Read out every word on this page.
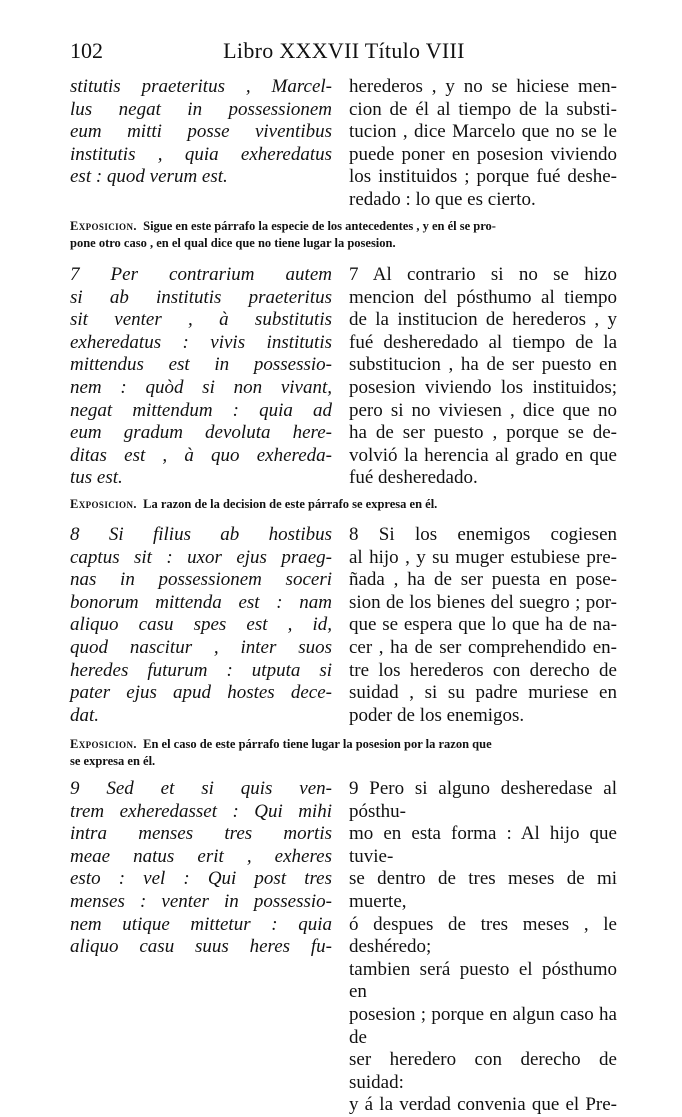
102	Libro XXXVII Título VIII

stitutis praeteritus , Marcel-

lus negat in possessionem

eum mitti posse viventibus

institutis , quia exheredatus

est : quod verum est.

herederos , y no se hiciese men-

cion de él al tiempo de la substi-

tucion , dice Marcelo que no se le

puede poner en posesion viviendo

los instituidos ; porque fué deshe-

redado : lo que es cierto.

Exposicion. Sigue en este párrafo la especie de los antecedentes , y en él se pro-

pone otro caso , en el qual dice que no tiene lugar la posesion.

7 Per contrarium autem

si ab institutis praeteritus

sit venter , à substitutis

exheredatus : vivis institutis

mittendus est in possessio-

nem : quòd si non vivant,

negat mittendum : quia ad

eum gradum devoluta here-

ditas est , à quo exhereda-

tus est.

7 Al contrario si no se hizo

mencion del pósthumo al tiempo

de la institucion de herederos , y

fué desheredado al tiempo de la

substitucion , ha de ser puesto en

posesion viviendo los instituidos;

pero si no viviesen , dice que no

ha de ser puesto , porque se de-

volvió la herencia al grado en que

fué desheredado.

Exposicion. La razon de la decision de este párrafo se expresa en él.

8 Si filius ab hostibus

captus sit : uxor ejus praeg-

nas in possessionem soceri

bonorum mittenda est : nam

aliquo casu spes est , id,

quod nascitur , inter suos

heredes futurum : utputa si

pater ejus apud hostes dece-

dat.

8 Si los enemigos cogiesen

al hijo , y su muger estubiese pre-

ñada , ha de ser puesta en pose-

sion de los bienes del suegro ; por-

que se espera que lo que ha de na-

cer , ha de ser comprehendido en-

tre los herederos con derecho de

suidad , si su padre muriese en

poder de los enemigos.

Exposicion. En el caso de este párrafo tiene lugar la posesion por la razon que

se expresa en él.

9 Sed et si quis ven-

trem exheredasset : Qui mihi

intra menses tres mortis

meae natus erit , exheres

esto : vel : Qui post tres

menses : venter in possessio-

nem utique mittetur : quia

aliquo casu suus heres fu-

9 Pero si alguno desheredase al pósthu-

mo en esta forma : Al hijo que tuvie-

se dentro de tres meses de mi muerte,

ó despues de tres meses , le deshéredo;

tambien será puesto el pósthumo en

posesion ; porque en algun caso ha de

ser heredero con derecho de suidad:

y á la verdad convenia que el Pre-
